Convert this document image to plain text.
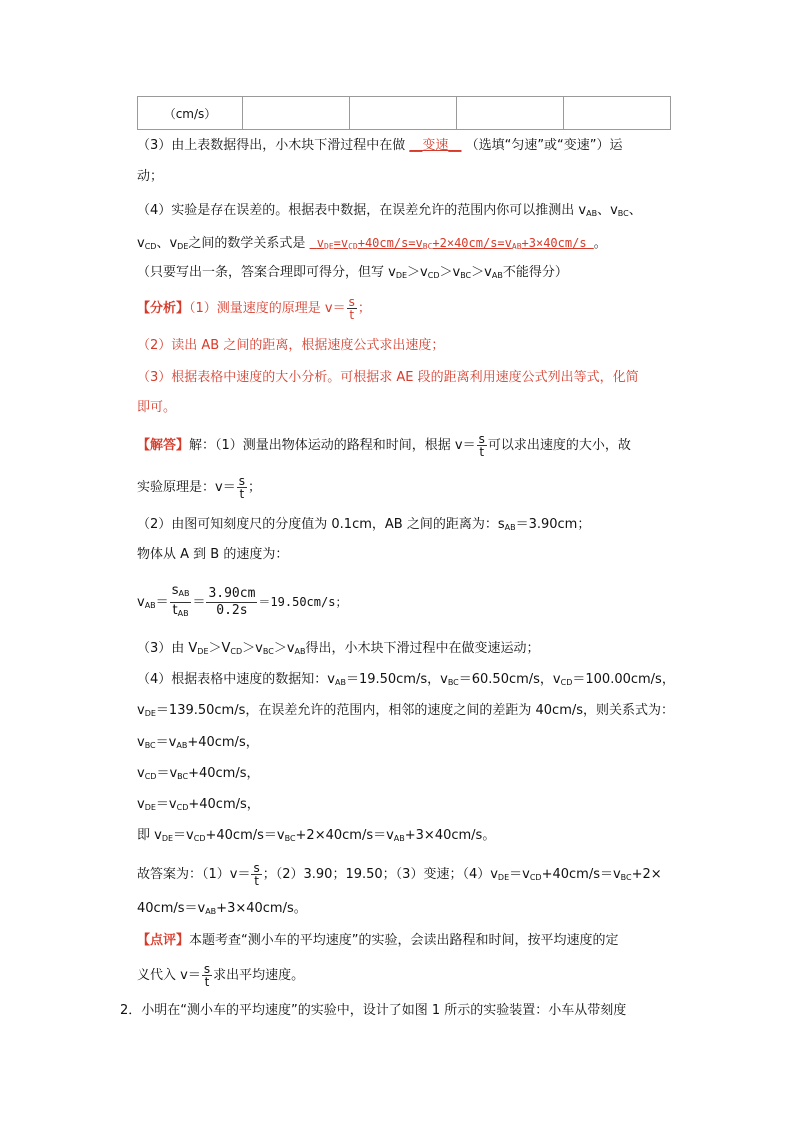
（cm/s）				
（3）由上表数据得出，小木块下滑过程中在做 __变速__ （选填“匀速”或“变速”）运
动；
（4）实验是存在误差的。根据表中数据，在误差允许的范围内你可以推测出 $v_{AB}$、$v_{BC}$、
$v_{CD}$、$v_{DE}$之间的数学关系式是 $v_{DE}=v_{CD}+40cm/s=v_{BC}+2\times 40cm/s=v_{AB}+3\times 40cm/s$ 。
（只要写出一条，答案合理即可得分，但写 $v_{DE}>v_{CD}>v_{BC}>v_{AB}$不能得分）
【分析】（1）测量速度的原理是 $v= \frac{s}{t}$ ；
（2）读出 AB 之间的距离，根据速度公式求出速度；
（3）根据表格中速度的大小分析。可根据求 AE 段的距离利用速度公式列出等式，化简
即可。
【解答】解：（1）测量出物体运动的路程和时间，根据 $v= \frac{s}{t}$ 可以求出速度的大小，故
实验原理是：$v= \frac{s}{t}$ ；
（2）由图可知刻度尺的分度值为 0.1cm，AB 之间的距离为：$s_{AB}=3.90cm$；
物体从 A 到 B 的速度为：
$v_{AB}= \frac{s_{AB}}{t_{AB}} = \frac{3.90cm}{0.2s} =19.50cm/s$；
（3）由 $V_{DE}>V_{CD}>v_{BC}>v_{AB}$得出，小木块下滑过程中在做变速运动；
（4）根据表格中速度的数据知：$v_{AB}=19.50cm/s$，$v_{BC}=60.50cm/s$，$v_{CD}=100.00cm/s$，
$v_{DE}=139.50cm/s$，在误差允许的范围内，相邻的速度之间的差距为 40cm/s，则关系式为：
$v_{BC}=v_{AB}+40cm/s$，
$v_{CD}=v_{BC}+40cm/s$，
$v_{DE}=v_{CD}+40cm/s$，
即 $v_{DE}=v_{CD}+40cm/s=v_{BC}+2\times 40cm/s=v_{AB}+3\times 40cm/s$。
故答案为：$(1)v= \frac{s}{t}$ ；（2）3.90；19.50；（3）变速；$(4)v_{DE}=v_{CD}+40cm/s=v_{BC}+2\times$
$40cm/s=v_{AB}+3\times 40cm/s$。
【点评】本题考查“测小车的平均速度”的实验，会读出路程和时间，按平均速度的定
义代入 $v= \frac{s}{t}$ 求出平均速度。
2．小明在“测小车的平均速度”的实验中，设计了如图 1 所示的实验装置：小车从带刻度
